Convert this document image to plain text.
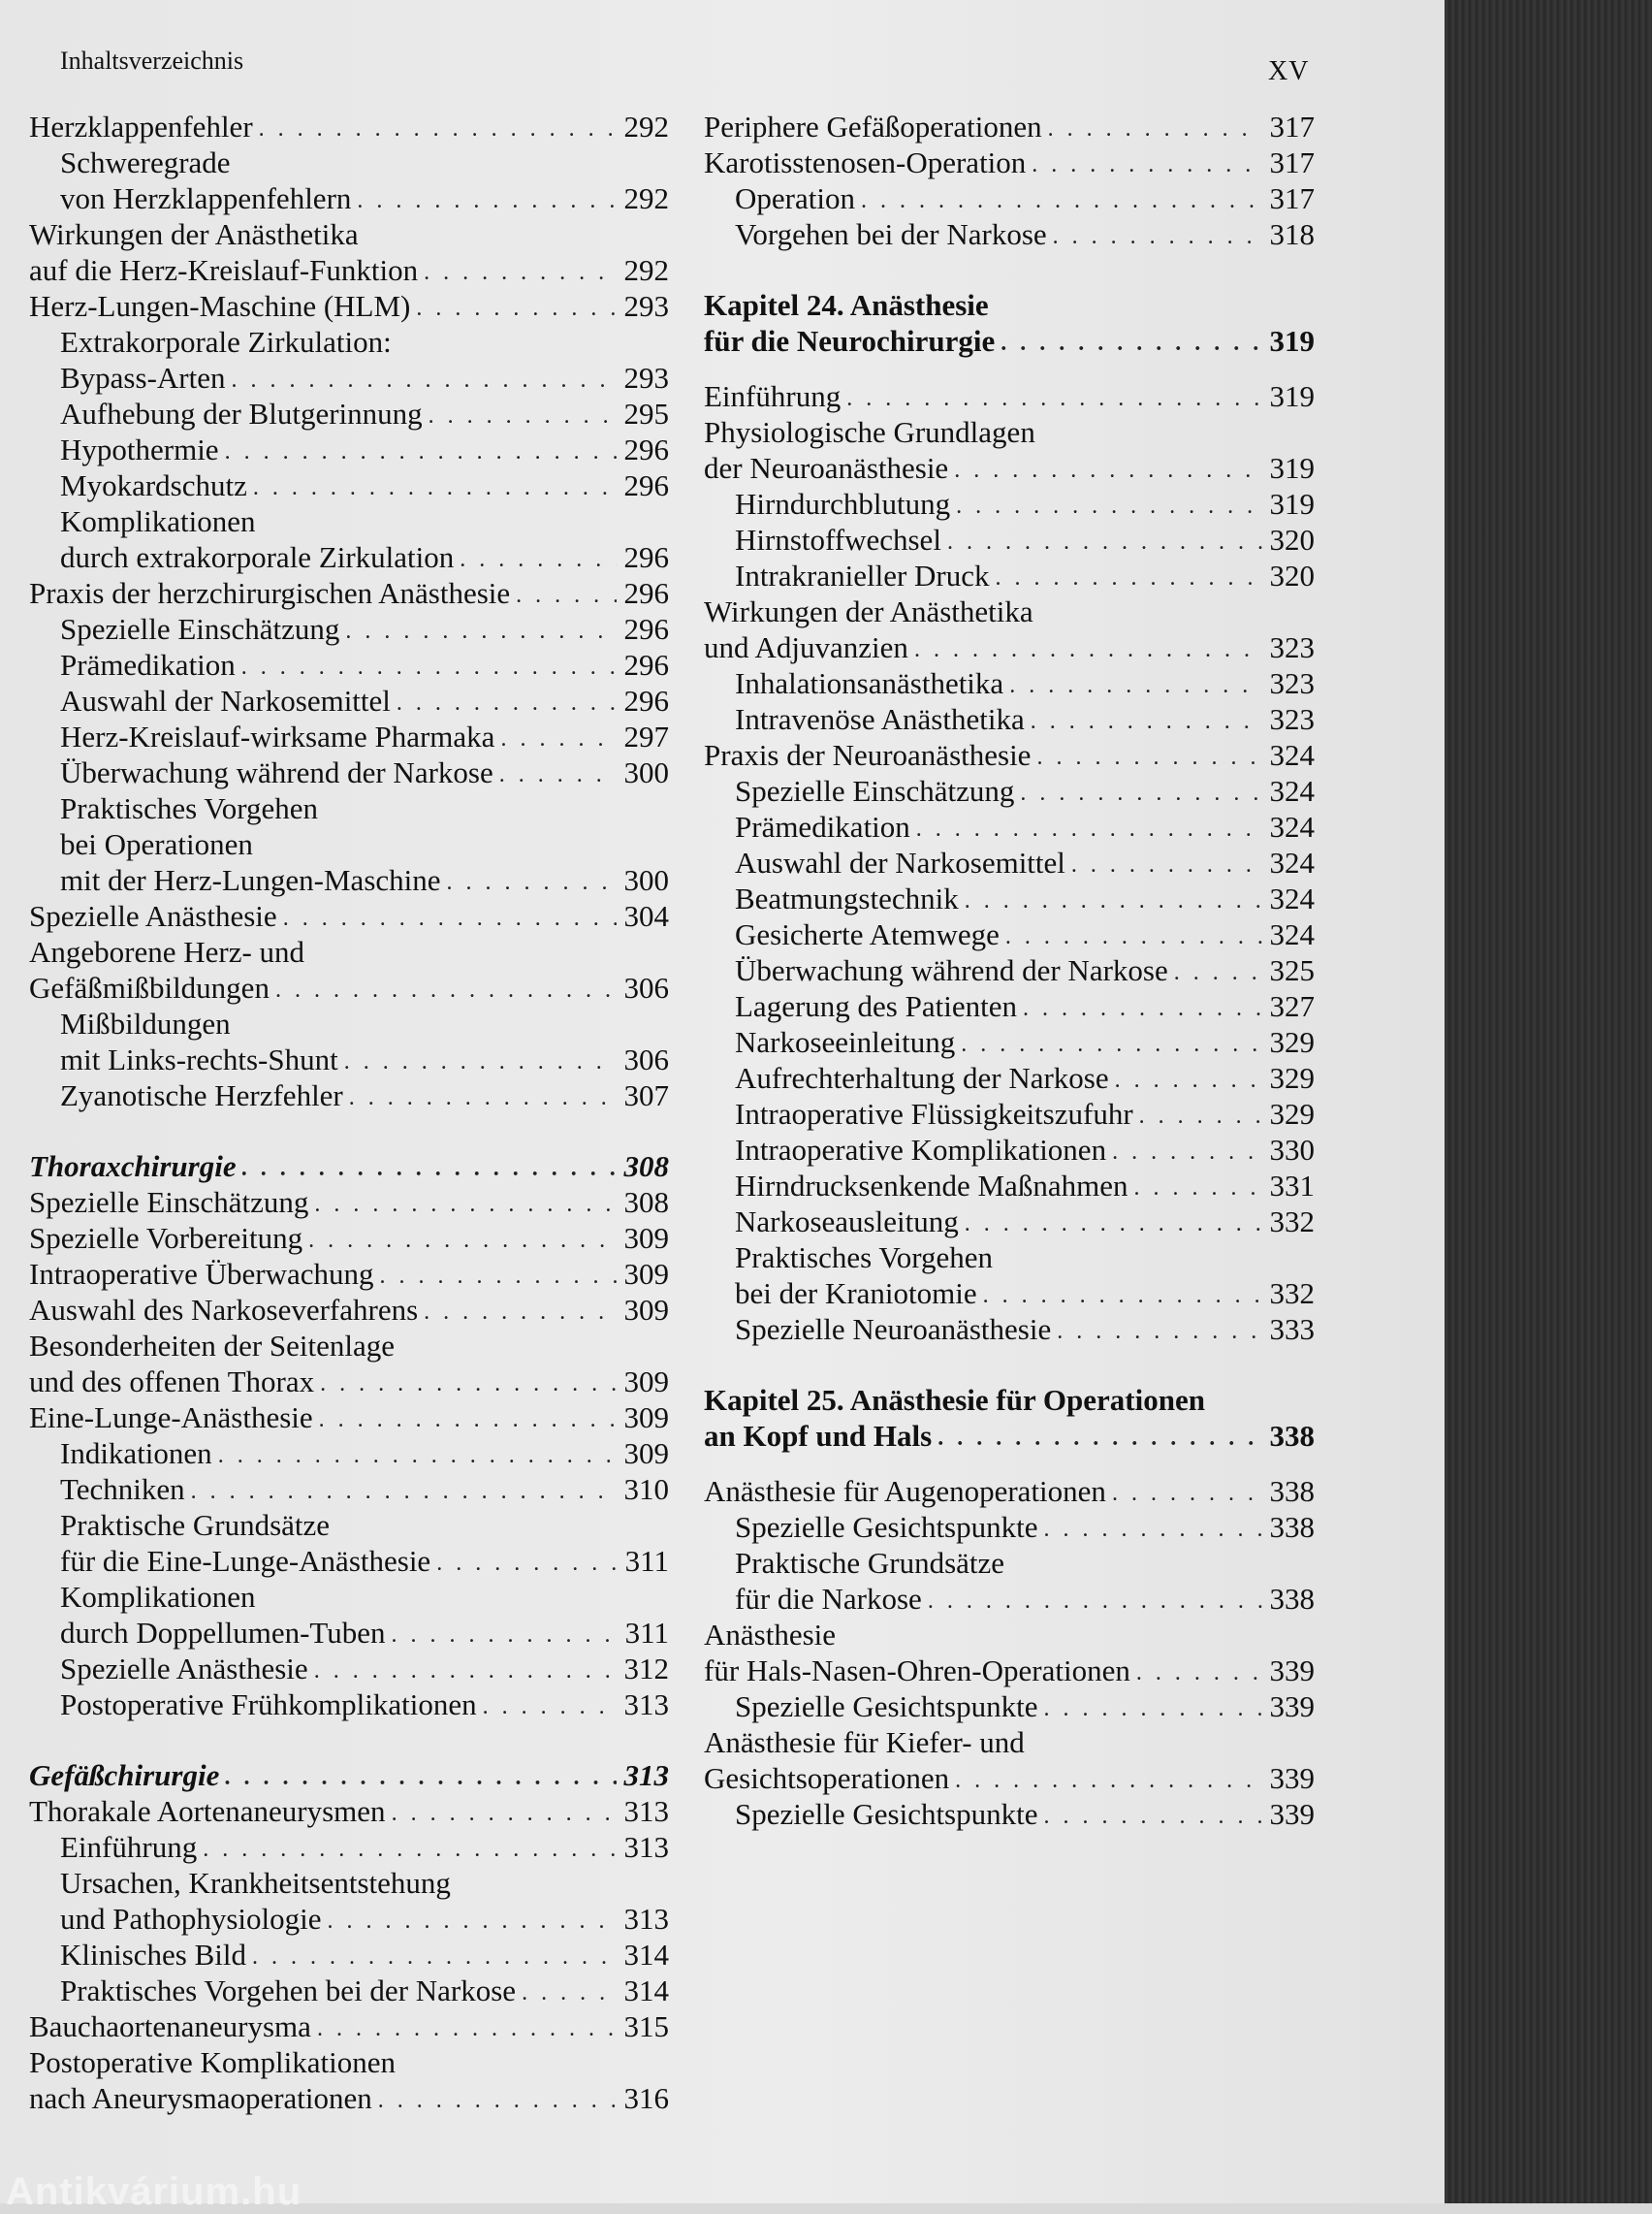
Inhaltsverzeichnis	XV
Herzklappenfehler . . .	292
Schweregrade
von Herzklappenfehlern . . .	292
Wirkungen der Anästhetika
auf die Herz-Kreislauf-Funktion . . .	292
Herz-Lungen-Maschine (HLM) . . .	293
Extrakorporale Zirkulation:
Bypass-Arten . . .	293
Aufhebung der Blutgerinnung . . .	295
Hypothermie . . .	296
Myokardschutz . . .	296
Komplikationen
durch extrakorporale Zirkulation . . .	296
Praxis der herzchirurgischen Anästhesie . . .	296
Spezielle Einschätzung . . .	296
Prämedikation . . .	296
Auswahl der Narkosemittel . . .	296
Herz-Kreislauf-wirksame Pharmaka . . .	297
Überwachung während der Narkose . . .	300
Praktisches Vorgehen
bei Operationen
mit der Herz-Lungen-Maschine . . .	300
Spezielle Anästhesie . . .	304
Angeborene Herz- und
Gefäßmißbildungen . . .	306
Mißbildungen
mit Links-rechts-Shunt . . .	306
Zyanotische Herzfehler . . .	307
Thoraxchirurgie . . .	308
Spezielle Einschätzung . . .	308
Spezielle Vorbereitung . . .	309
Intraoperative Überwachung . . .	309
Auswahl des Narkoseverfahrens . . .	309
Besonderheiten der Seitenlage
und des offenen Thorax . . .	309
Eine-Lunge-Anästhesie . . .	309
Indikationen . . .	309
Techniken . . .	310
Praktische Grundsätze
für die Eine-Lunge-Anästhesie . . .	311
Komplikationen
durch Doppellumen-Tuben . . .	311
Spezielle Anästhesie . . .	312
Postoperative Frühkomplikationen . . .	313
Gefäßchirurgie . . .	313
Thorakale Aortenaneurysmen . . .	313
Einführung . . .	313
Ursachen, Krankheitsentstehung
und Pathophysiologie . . .	313
Klinisches Bild . . .	314
Praktisches Vorgehen bei der Narkose . . .	314
Bauchaortenaneurysma . . .	315
Postoperative Komplikationen
nach Aneurysmaoperationen . . .	316
Periphere Gefäßoperationen . . .	317
Karotisstenosen-Operation . . .	317
Operation . . .	317
Vorgehen bei der Narkose . . .	318
Kapitel 24. Anästhesie
für die Neurochirurgie . . .	319
Einführung . . .	319
Physiologische Grundlagen
der Neuroanästhesie . . .	319
Hirndurchblutung . . .	319
Hirnstoffwechsel . . .	320
Intrakranieller Druck . . .	320
Wirkungen der Anästhetika
und Adjuvanzien . . .	323
Inhalationsanästhetika . . .	323
Intravenöse Anästhetika . . .	323
Praxis der Neuroanästhesie . . .	324
Spezielle Einschätzung . . .	324
Prämedikation . . .	324
Auswahl der Narkosemittel . . .	324
Beatmungstechnik . . .	324
Gesicherte Atemwege . . .	324
Überwachung während der Narkose . . .	325
Lagerung des Patienten . . .	327
Narkoseeinleitung . . .	329
Aufrechterhaltung der Narkose . . .	329
Intraoperative Flüssigkeitszufuhr . . .	329
Intraoperative Komplikationen . . .	330
Hirndrucksenkende Maßnahmen . . .	331
Narkoseausleitung . . .	332
Praktisches Vorgehen
bei der Kraniotomie . . .	332
Spezielle Neuroanästhesie . . .	333
Kapitel 25. Anästhesie für Operationen
an Kopf und Hals . . .	338
Anästhesie für Augenoperationen . . .	338
Spezielle Gesichtspunkte . . .	338
Praktische Grundsätze
für die Narkose . . .	338
Anästhesie
für Hals-Nasen-Ohren-Operationen . . .	339
Spezielle Gesichtspunkte . . .	339
Anästhesie für Kiefer- und
Gesichtsoperationen . . .	339
Spezielle Gesichtspunkte . . .	339
Antikvárium.hu
